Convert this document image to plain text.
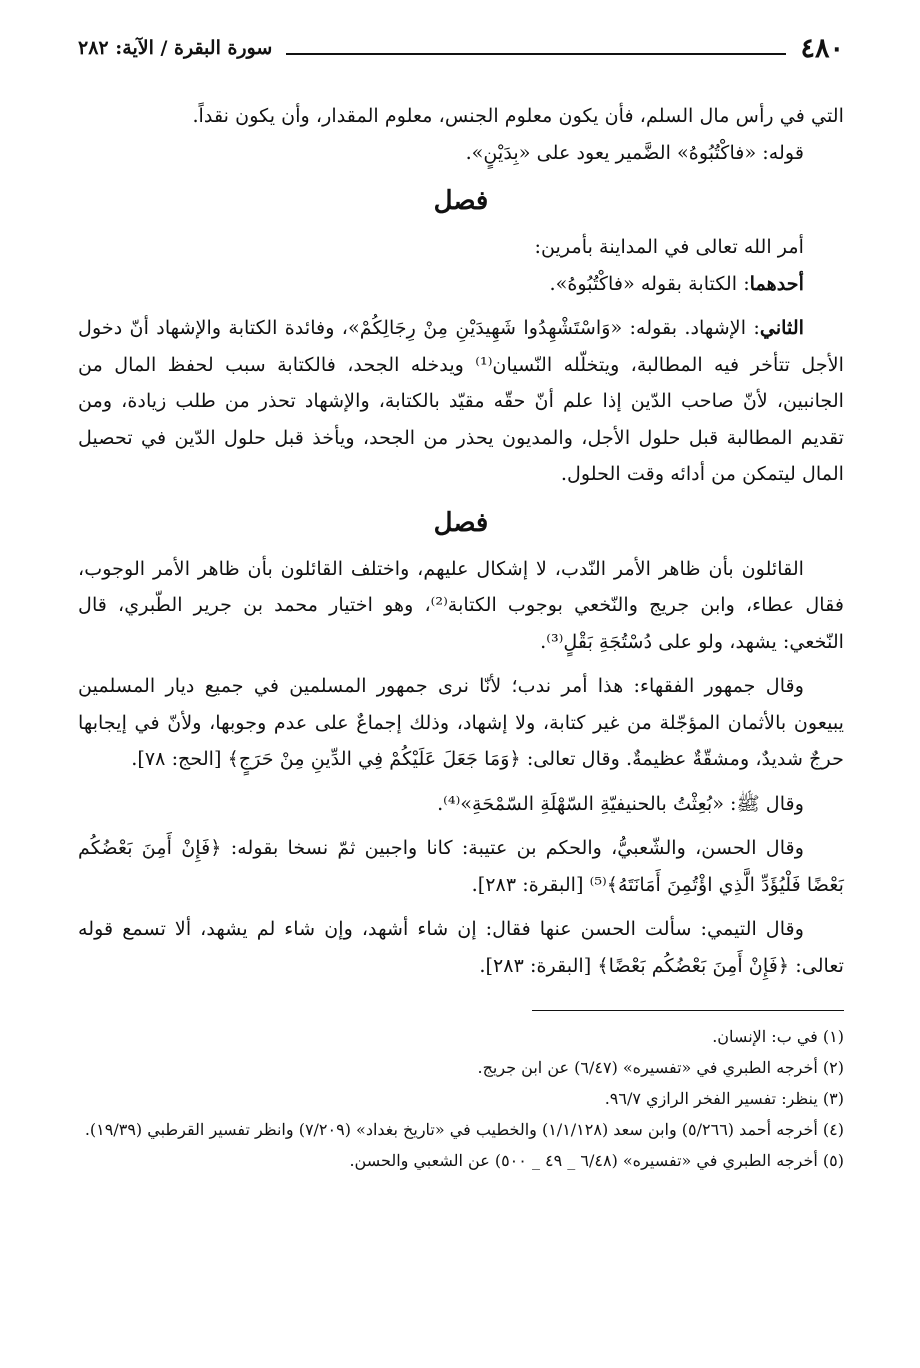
٤٨٠
سورة البقرة / الآية: ٢٨٢

التي في رأس مال السلم، فأن يكون معلوم الجنس، معلوم المقدار، وأن يكون نقداً.

قوله: «فاكْتُبُوهُ» الضَّمير يعود على «بِدَيْنٍ».

فصل

أمر الله تعالى في المداينة بأمرين:

أحدهما: الكتابة بقوله «فاكْتُبُوهُ».

الثاني: الإشهاد. بقوله: «وَاسْتَشْهِدُوا شَهِيدَيْنِ مِنْ رِجَالِكُمْ»، وفائدة الكتابة والإشهاد أنّ دخول الأجل تتأخر فيه المطالبة، ويتخلّله النّسيان⁽¹⁾ ويدخله الجحد، فالكتابة سبب لحفظ المال من الجانبين، لأنّ صاحب الدّين إذا علم أنّ حقّه مقيّد بالكتابة، والإشهاد تحذر من طلب زيادة، ومن تقديم المطالبة قبل حلول الأجل، والمديون يحذر من الجحد، ويأخذ قبل حلول الدّين في تحصيل المال ليتمكن من أدائه وقت الحلول.

فصل

القائلون بأن ظاهر الأمر النّدب، لا إشكال عليهم، واختلف القائلون بأن ظاهر الأمر الوجوب، فقال عطاء، وابن جريج والنّخعي بوجوب الكتابة⁽²⁾، وهو اختيار محمد بن جرير الطّبري، قال النّخعي: يشهد، ولو على دُسْتُجَةِ بَقْلٍ⁽³⁾.

وقال جمهور الفقهاء: هذا أمر ندب؛ لأنّا نرى جمهور المسلمين في جميع ديار المسلمين يبيعون بالأثمان المؤجّلة من غير كتابة، ولا إشهاد، وذلك إجماعٌ على عدم وجوبها، ولأنّ في إيجابها حرجٌ شديدٌ، ومشقّةٌ عظيمةٌ. وقال تعالى: ﴿وَمَا جَعَلَ عَلَيْكُمْ فِي الدِّينِ مِنْ حَرَجٍ﴾ [الحج: ٧٨].

وقال ﷺ: «بُعِثْتُ بالحنيفيّةِ السّهْلَةِ السّمْحَةِ»⁽⁴⁾.

وقال الحسن، والشّعبيُّ، والحكم بن عتيبة: كانا واجبين ثمّ نسخا بقوله: ﴿فَإِنْ أَمِنَ بَعْضُكُم بَعْضًا فَلْيُؤَدِّ الَّذِي اؤْتُمِنَ أَمَانَتَهُ﴾⁽⁵⁾ [البقرة: ٢٨٣].

وقال التيمي: سألت الحسن عنها فقال: إن شاء أشهد، وإن شاء لم يشهد، ألا تسمع قوله تعالى: ﴿فَإِنْ أَمِنَ بَعْضُكُم بَعْضًا﴾ [البقرة: ٢٨٣].

(١) في ب: الإنسان.
(٢) أخرجه الطبري في «تفسيره» (٦/٤٧) عن ابن جريج.
(٣) ينظر: تفسير الفخر الرازي ٩٦/٧.
(٤) أخرجه أحمد (٥/٢٦٦) وابن سعد (١/١/١٢٨) والخطيب في «تاريخ بغداد» (٧/٢٠٩) وانظر تفسير القرطبي (١٩/٣٩).
(٥) أخرجه الطبري في «تفسيره» (٦/٤٨ _ ٤٩ _ ٥٠٠) عن الشعبي والحسن.
